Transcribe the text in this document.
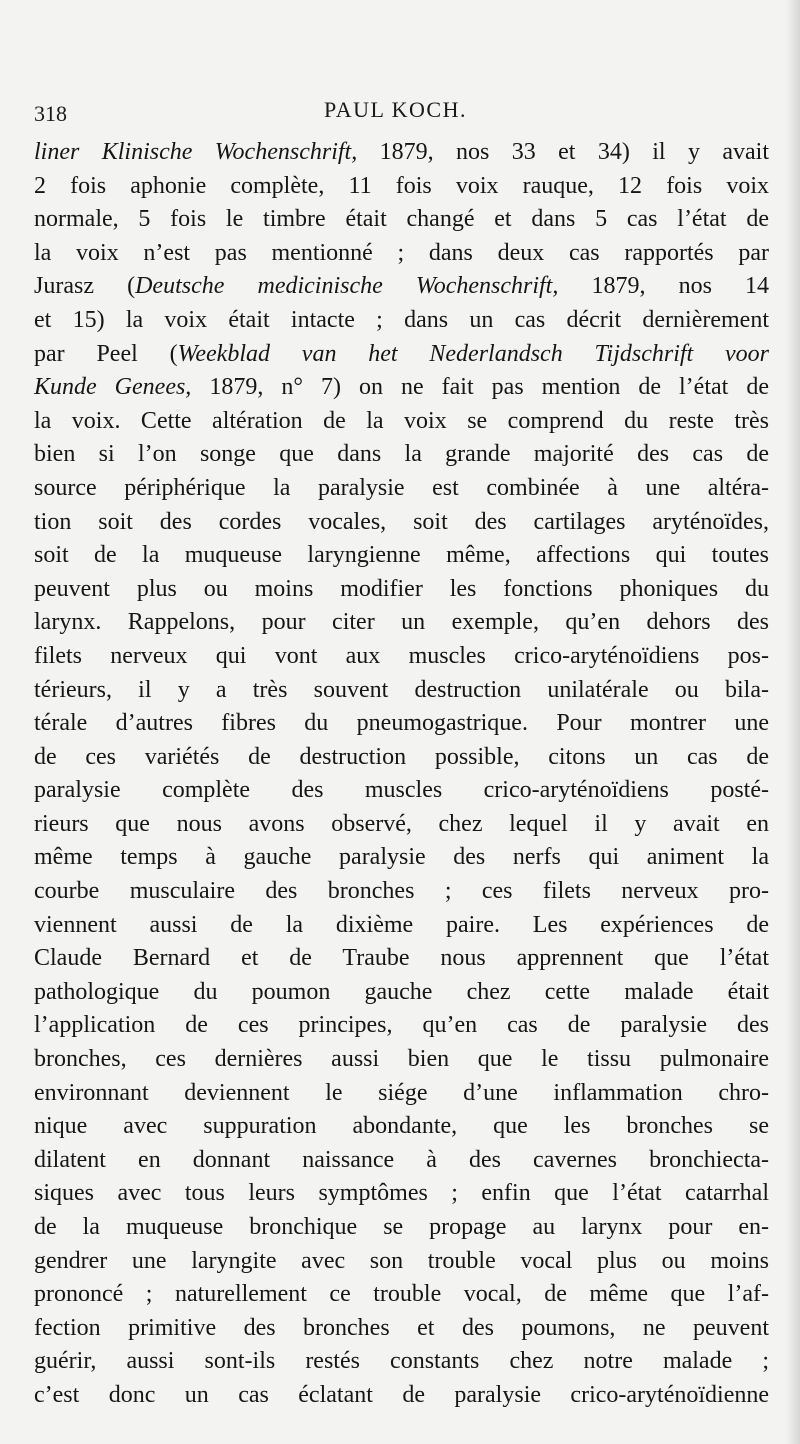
318	PAUL KOCH.
liner Klinische Wochenschrift, 1879, nos 33 et 34) il y avait
2 fois aphonie complète, 11 fois voix rauque, 12 fois voix
normale, 5 fois le timbre était changé et dans 5 cas l’état de
la voix n’est pas mentionné ; dans deux cas rapportés par
Jurasz (Deutsche medicinische Wochenschrift, 1879, nos 14
et 15) la voix était intacte ; dans un cas décrit dernièrement
par Peel (Weekblad van het Nederlandsch Tijdschrift voor
Kunde Genees, 1879, n° 7) on ne fait pas mention de l’état de
la voix. Cette altération de la voix se comprend du reste très
bien si l’on songe que dans la grande majorité des cas de
source périphérique la paralysie est combinée à une altéra-
tion soit des cordes vocales, soit des cartilages aryténoïdes,
soit de la muqueuse laryngienne même, affections qui toutes
peuvent plus ou moins modifier les fonctions phoniques du
larynx. Rappelons, pour citer un exemple, qu’en dehors des
filets nerveux qui vont aux muscles crico-aryténoïdiens pos-
térieurs, il y a très souvent destruction unilatérale ou bila-
térale d’autres fibres du pneumogastrique. Pour montrer une
de ces variétés de destruction possible, citons un cas de
paralysie complète des muscles crico-aryténoïdiens posté-
rieurs que nous avons observé, chez lequel il y avait en
même temps à gauche paralysie des nerfs qui animent la
courbe musculaire des bronches ; ces filets nerveux pro-
viennent aussi de la dixième paire. Les expériences de
Claude Bernard et de Traube nous apprennent que l’état
pathologique du poumon gauche chez cette malade était
l’application de ces principes, qu’en cas de paralysie des
bronches, ces dernières aussi bien que le tissu pulmonaire
environnant deviennent le siége d’une inflammation chro-
nique avec suppuration abondante, que les bronches se
dilatent en donnant naissance à des cavernes bronchiecta-
siques avec tous leurs symptômes ; enfin que l’état catarrhal
de la muqueuse bronchique se propage au larynx pour en-
gendrer une laryngite avec son trouble vocal plus ou moins
prononcé ; naturellement ce trouble vocal, de même que l’af-
fection primitive des bronches et des poumons, ne peuvent
guérir, aussi sont-ils restés constants chez notre malade ;
c’est donc un cas éclatant de paralysie crico-aryténoïdienne
